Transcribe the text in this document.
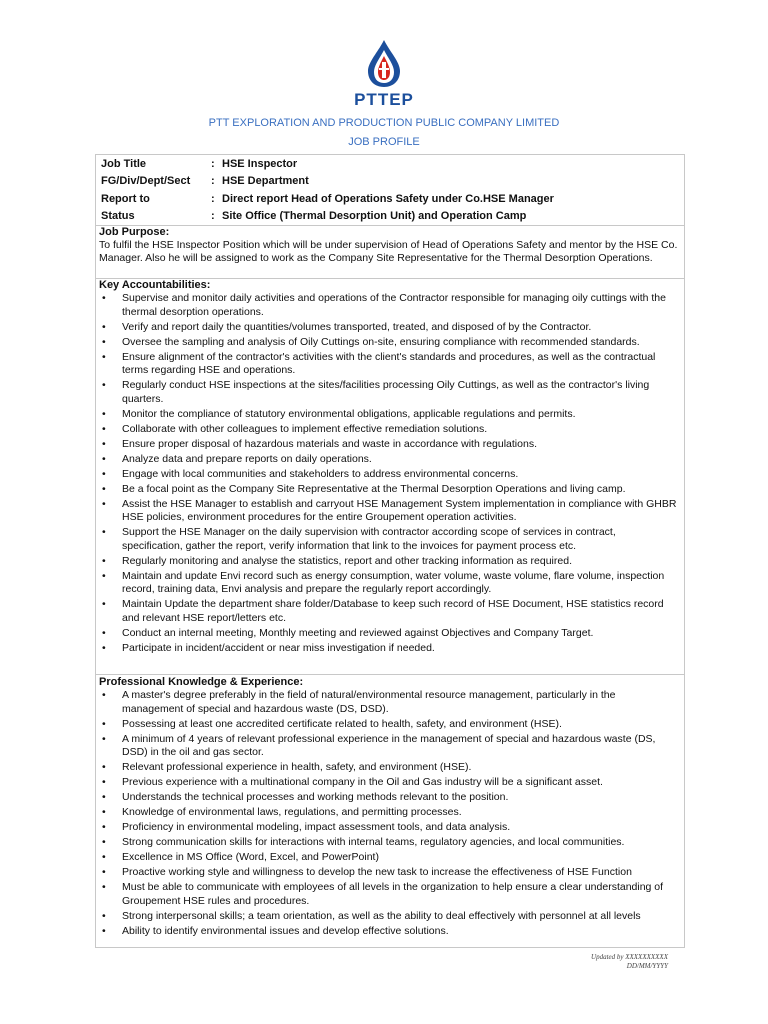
PTTEP
PTT EXPLORATION AND PRODUCTION PUBLIC COMPANY LIMITED
JOB PROFILE
Job Title	: HSE Inspector
FG/Div/Dept/Sect : HSE Department
Report to	: Direct report Head of Operations Safety under Co.HSE Manager
Status	: Site Office (Thermal Desorption Unit) and Operation Camp
Job Purpose:
To fulfil the HSE Inspector Position which will be under supervision of Head of Operations Safety and mentor by the HSE Co. Manager. Also he will be assigned to work as the Company Site Representative for the Thermal Desorption Operations.
Key Accountabilities:
• Supervise and monitor daily activities and operations of the Contractor responsible for managing oily cuttings with the thermal desorption operations.
• Verify and report daily the quantities/volumes transported, treated, and disposed of by the Contractor.
• Oversee the sampling and analysis of Oily Cuttings on-site, ensuring compliance with recommended standards.
• Ensure alignment of the contractor's activities with the client's standards and procedures, as well as the contractual terms regarding HSE and operations.
• Regularly conduct HSE inspections at the sites/facilities processing Oily Cuttings, as well as the contractor's living quarters.
• Monitor the compliance of statutory environmental obligations, applicable regulations and permits.
• Collaborate with other colleagues to implement effective remediation solutions.
• Ensure proper disposal of hazardous materials and waste in accordance with regulations.
• Analyze data and prepare reports on daily operations.
• Engage with local communities and stakeholders to address environmental concerns.
• Be a focal point as the Company Site Representative at the Thermal Desorption Operations and living camp.
• Assist the HSE Manager to establish and carryout HSE Management System implementation in compliance with GHBR HSE policies, environment procedures for the entire Groupement operation activities.
• Support the HSE Manager on the daily supervision with contractor according scope of services in contract, specification, gather the report, verify information that link to the invoices for payment process etc.
• Regularly monitoring and analyse the statistics, report and other tracking information as required.
• Maintain and update Envi record such as energy consumption, water volume, waste volume, flare volume, inspection record, training data, Envi analysis and prepare the regularly report accordingly.
• Maintain Update the department share folder/Database to keep such record of HSE Document, HSE statistics record and relevant HSE report/letters etc.
• Conduct an internal meeting, Monthly meeting and reviewed against Objectives and Company Target.
• Participate in incident/accident or near miss investigation if needed.
Professional Knowledge & Experience:
• A master's degree preferably in the field of natural/environmental resource management, particularly in the management of special and hazardous waste (DS, DSD).
• Possessing at least one accredited certificate related to health, safety, and environment (HSE).
• A minimum of 4 years of relevant professional experience in the management of special and hazardous waste (DS, DSD) in the oil and gas sector.
• Relevant professional experience in health, safety, and environment (HSE).
• Previous experience with a multinational company in the Oil and Gas industry will be a significant asset.
• Understands the technical processes and working methods relevant to the position.
• Knowledge of environmental laws, regulations, and permitting processes.
• Proficiency in environmental modeling, impact assessment tools, and data analysis.
• Strong communication skills for interactions with internal teams, regulatory agencies, and local communities.
• Excellence in MS Office (Word, Excel, and PowerPoint)
• Proactive working style and willingness to develop the new task to increase the effectiveness of HSE Function
• Must be able to communicate with employees of all levels in the organization to help ensure a clear understanding of Groupement HSE rules and procedures.
• Strong interpersonal skills; a team orientation, as well as the ability to deal effectively with personnel at all levels
• Ability to identify environmental issues and develop effective solutions.
Updated by XXXXXXXXXX
DD/MM/YYYY
